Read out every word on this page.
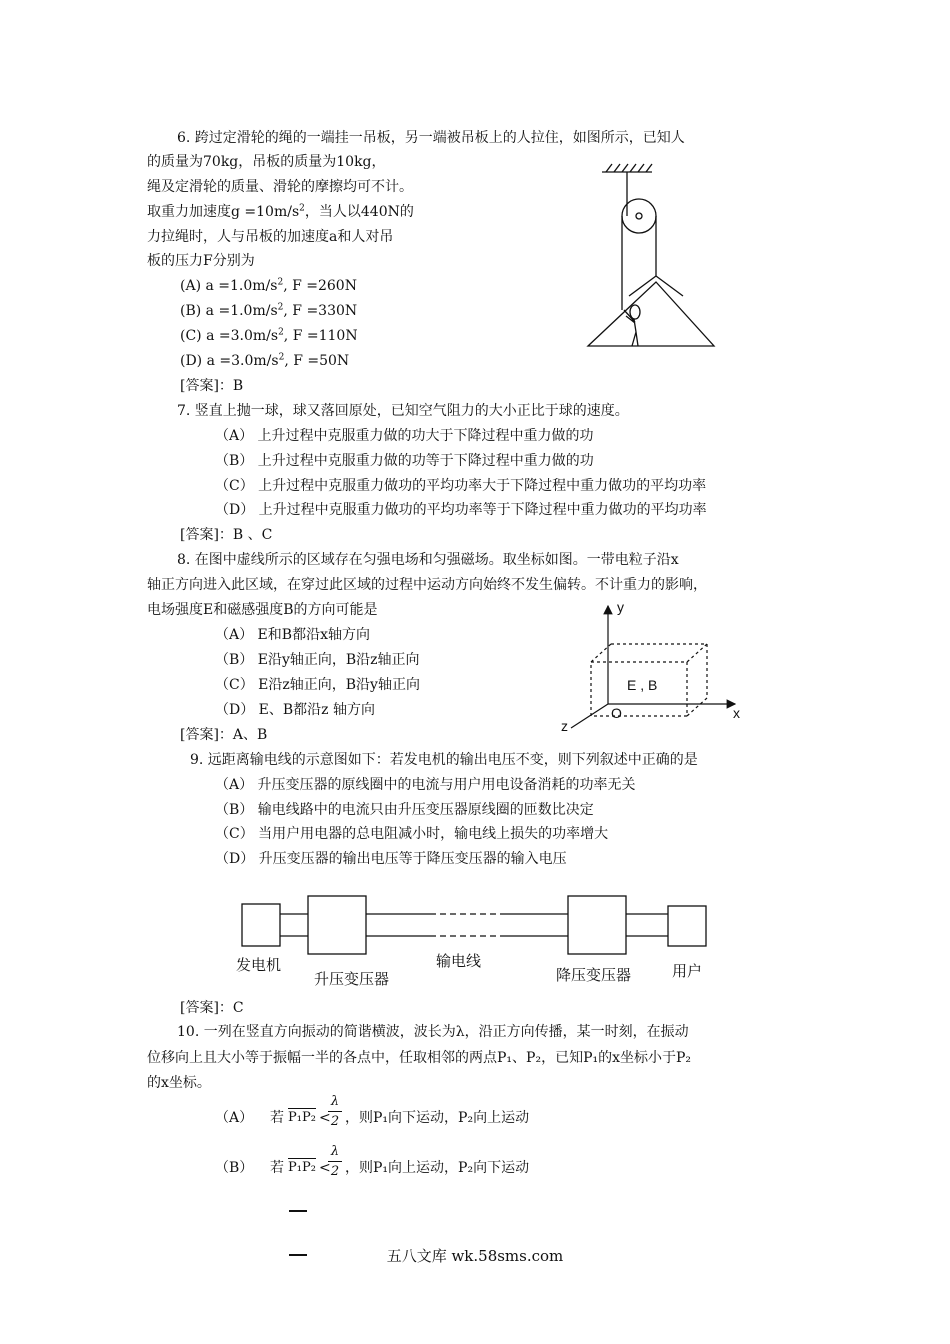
6. 跨过定滑轮的绳的一端挂一吊板，另一端被吊板上的人拉住，如图所示，已知人
的质量为70kg，吊板的质量为10kg，
绳及定滑轮的质量、滑轮的摩擦均可不计。
取重力加速度$g =10m/s^2$，当人以440N的
力拉绳时，人与吊板的加速度a和人对吊
板的压力F分别为
(A) $a =1.0m/s^2$, F =260N
(B) $a =1.0m/s^2$, F =330N
(C) $a =3.0m/s^2$, F =110N
(D) $a =3.0m/s^2$, F =50N
[答案]：B
7. 竖直上抛一球，球又落回原处，已知空气阻力的大小正比于球的速度。
（A） 上升过程中克服重力做的功大于下降过程中重力做的功
（B） 上升过程中克服重力做的功等于下降过程中重力做的功
（C） 上升过程中克服重力做功的平均功率大于下降过程中重力做功的平均功率
（D） 上升过程中克服重力做功的平均功率等于下降过程中重力做功的平均功率
[答案]：B 、C
8. 在图中虚线所示的区域存在匀强电场和匀强磁场。取坐标如图。一带电粒子沿x
轴正方向进入此区域，在穿过此区域的过程中运动方向始终不发生偏转。不计重力的影响，
电场强度E和磁感强度B的方向可能是
（A） E和B都沿x轴方向
（B） E沿y轴正向，B沿z轴正向
（C） E沿z轴正向，B沿y轴正向
（D） E、B都沿z 轴方向
[答案]：A、B
y
x
z
O
E , B
9. 远距离输电线的示意图如下：若发电机的输出电压不变，则下列叙述中正确的是
（A） 升压变压器的原线圈中的电流与用户用电设备消耗的功率无关
（B） 输电线路中的电流只由升压变压器原线圈的匝数比决定
（C） 当用户用电器的总电阻减小时，输电线上损失的功率增大
（D） 升压变压器的输出电压等于降压变压器的输入电压
发电机
升压变压器
输电线
降压变压器	用户
[答案]：C
10. 一列在竖直方向振动的简谐横波，波长为λ，沿正方向传播，某一时刻，在振动
位移向上且大小等于振幅一半的各点中，任取相邻的两点P₁、P₂，已知P₁的x坐标小于P₂
的x坐标。
（A） 若 P₁P₂ <
λ
2 ，则P₁向下运动，P₂向上运动
（B） 若 P₁P₂ <
λ
2 ，则P₁向上运动，P₂向下运动
五八文库 wk.58sms.com
